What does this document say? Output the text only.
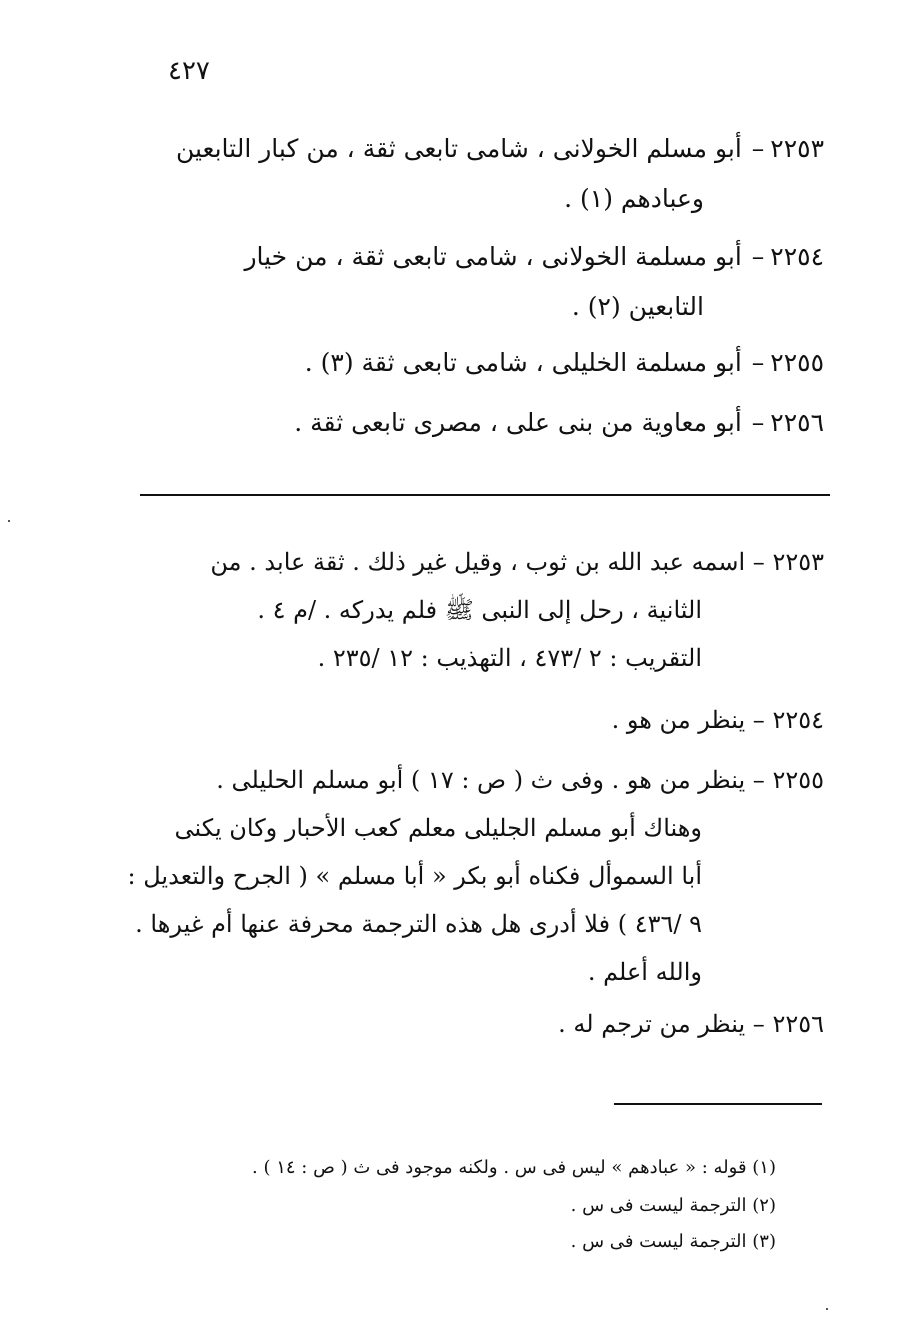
٤٢٧
٢٢٥٣–أبو مسلم الخولانى ، شامى تابعى ثقة ، من كبار التابعين
وعبادهم (١) .
٢٢٥٤–أبو مسلمة الخولانى ، شامى تابعى ثقة ، من خيار
التابعين (٢) .
٢٢٥٥–أبو مسلمة الخليلى ، شامى تابعى ثقة (٣) .
٢٢٥٦–أبو معاوية من بنى على ، مصرى تابعى ثقة .
٢٢٥٣ – اسمه عبد الله بن ثوب ، وقيل غير ذلك . ثقة عابد . من
الثانية ، رحل إلى النبى ﷺ فلم يدركه . /م ٤ .
التقريب : ٢ /٤٧٣ ، التهذيب : ١٢ /٢٣٥ .
٢٢٥٤ – ينظر من هو .
٢٢٥٥ – ينظر من هو . وفى ث ( ص : ١٧ ) أبو مسلم الحليلى .
وهناك أبو مسلم الجليلى معلم كعب الأحبار وكان يكنى
أبا السموأل فكناه أبو بكر « أبا مسلم » ( الجرح والتعديل :
٩ /٤٣٦ ) فلا أدرى هل هذه الترجمة محرفة عنها أم غيرها .
والله أعلم .
٢٢٥٦ – ينظر من ترجم له .
(١) قوله : « عبادهم » ليس فى س . ولكنه موجود فى ث ( ص : ١٤ ) .
(٢) الترجمة ليست فى س .
(٣) الترجمة ليست فى س .
